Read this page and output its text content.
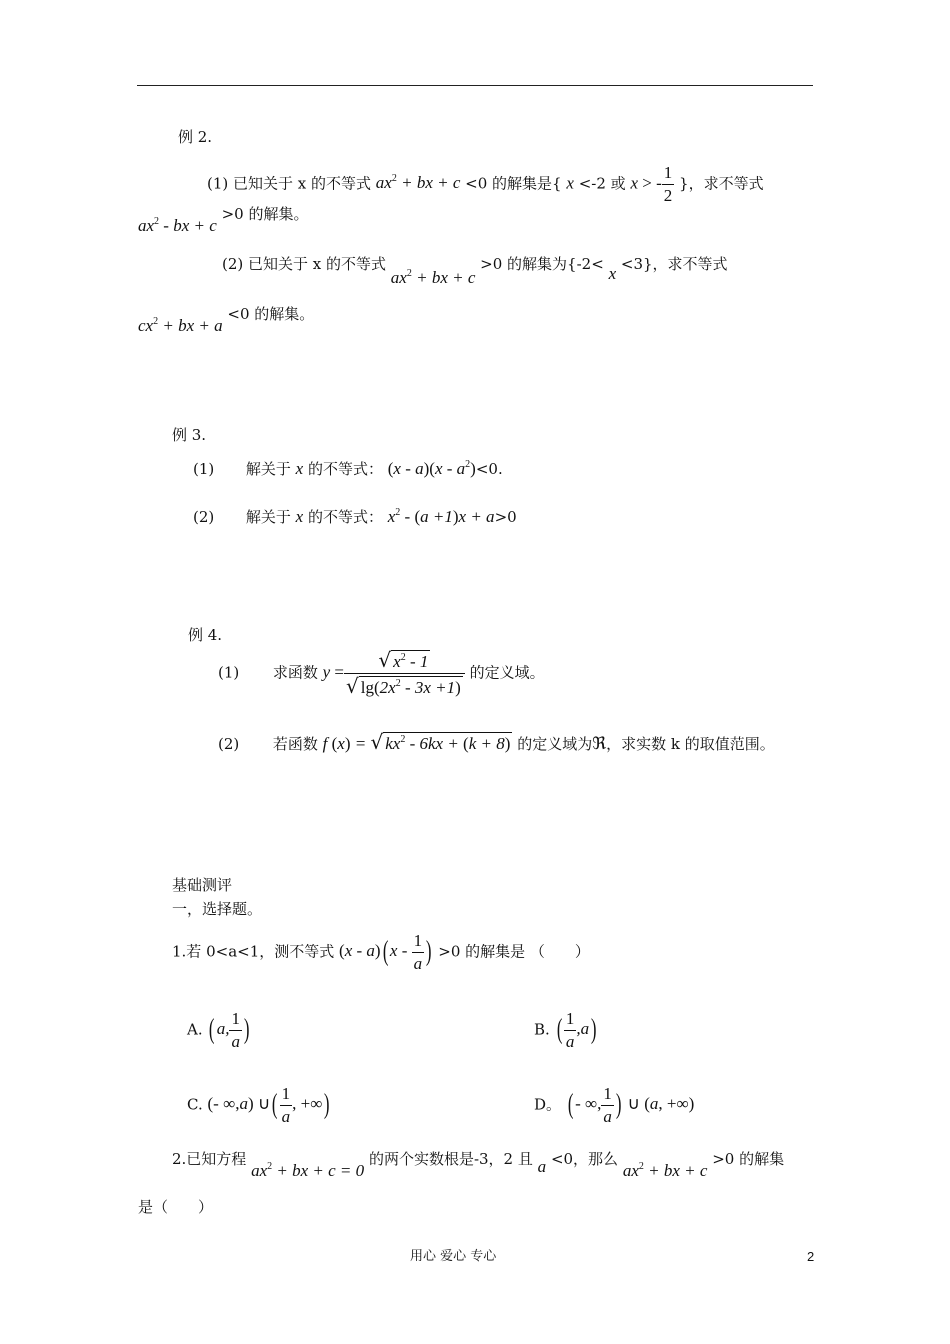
例 2.
(1) 已知关于 x 的不等式 $ax^2$ + bx + c <0 的解集是{ x <-2 或 x > - $\frac{1}{2}$ }，求不等式
$ax^2$ - bx + c >0 的解集。
(2) 已知关于 x 的不等式 $ax^2$ + bx + c >0 的解集为{-2< x <3}，求不等式
$cx^2$ + bx + a <0 的解集。
例 3.
(1) 解关于 x 的不等式： $(x - a)(x - a^2)<0$.
(2) 解关于 x 的不等式： $x^2 - (a +1)x + a>0$
例 4.
(1) 求函数 $y = \frac{√ x^2 - 1}{√ \lg(2x^2 - 3x +1)}$ 的定义域。
(2) 若函数 f (x) = √ $kx^2 - 6kx + (k + 8)$ 的定义域为ℜ，求实数 k 的取值范围。
基础测评
一，选择题。
1.若 0<a<1，测不等式 (x - a)( x - $\frac{1}{a}$ ) >0 的解集是 （　　）
A. ( a, $\frac{1}{a}$ )	B. ( $\frac{1}{a} ,a$)
C. (- ∞,a) ∪( $\frac{1}{a}$ , +∞)	D。 ( - ∞, $\frac{1}{a}$ ) ∪ (a, +∞)
2.已知方程 $ax^2$ + bx + c = 0 的两个实数根是-3，2 且 a <0，那么 $ax^2$ + bx + c >0 的解集
是（　　）
用心 爱心 专心	2
